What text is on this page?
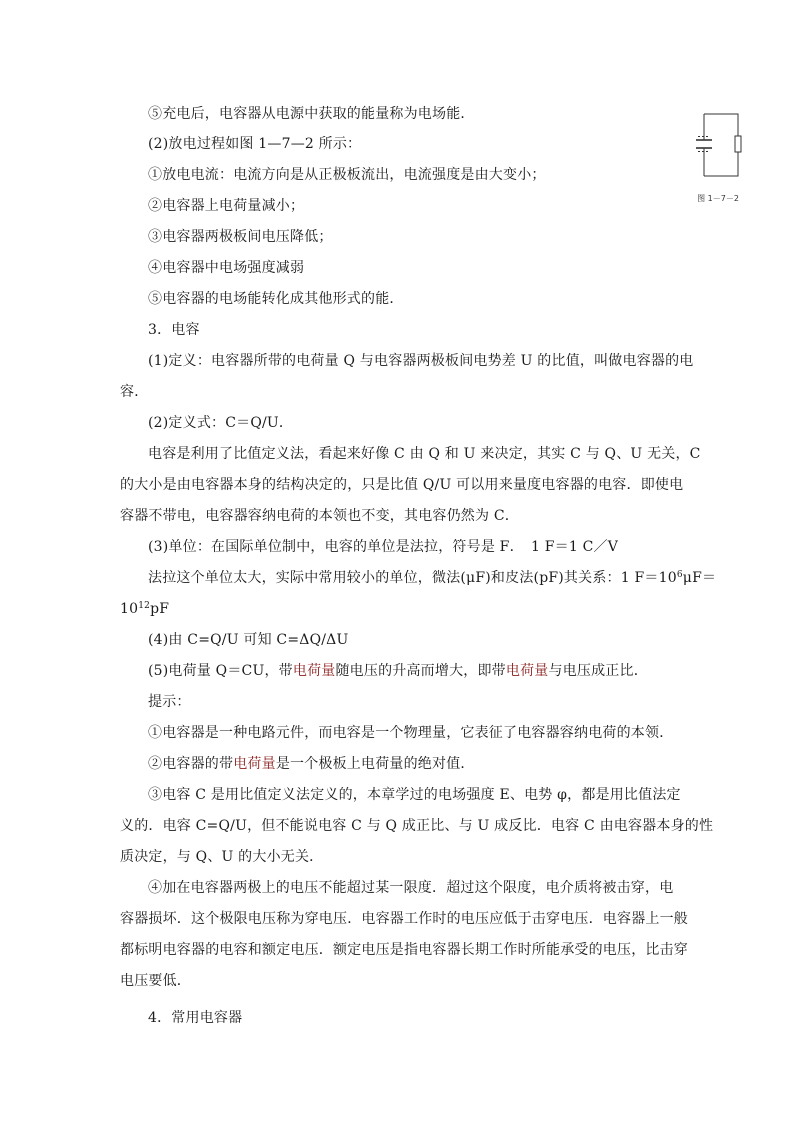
⑤充电后，电容器从电源中获取的能量称为电场能．
(2)放电过程如图 1—7—2 所示：
①放电电流：电流方向是从正极板流出，电流强度是由大变小；
②电容器上电荷量减小；
③电容器两极板间电压降低；
④电容器中电场强度减弱
⑤电容器的电场能转化成其他形式的能．
3．电容
(1)定义：电容器所带的电荷量 Q 与电容器两极板间电势差 U 的比值，叫做电容器的电
容．
(2)定义式：C＝Q/U．
电容是利用了比值定义法，看起来好像 C 由 Q 和 U 来决定，其实 C 与 Q、U 无关，C
的大小是由电容器本身的结构决定的，只是比值 Q/U 可以用来量度电容器的电容．即使电
容器不带电，电容器容纳电荷的本领也不变，其电容仍然为 C．
(3)单位：在国际单位制中，电容的单位是法拉，符号是 F．　1 F＝1 C／V
法拉这个单位太大，实际中常用较小的单位，微法(μF)和皮法(pF)其关系：1 $F=10^6\mu F=$
$10^{12}pF$
(4)由 C=Q/U 可知 C=ΔQ/ΔU
(5)电荷量 Q＝CU，带电荷量随电压的升高而增大，即带电荷量与电压成正比．
提示：
①电容器是一种电路元件，而电容是一个物理量，它表征了电容器容纳电荷的本领．
②电容器的带电荷量是一个极板上电荷量的绝对值．
③电容 C 是用比值定义法定义的，本章学过的电场强度 E、电势 φ，都是用比值法定
义的．电容 C=Q/U，但不能说电容 C 与 Q 成正比、与 U 成反比．电容 C 由电容器本身的性
质决定，与 Q、U 的大小无关．
④加在电容器两极上的电压不能超过某一限度．超过这个限度，电介质将被击穿，电
容器损坏．这个极限电压称为穿电压．电容器工作时的电压应低于击穿电压．电容器上一般
都标明电容器的电容和额定电压．额定电压是指电容器长期工作时所能承受的电压，比击穿
电压要低．
4．常用电容器
图 1－7－2
